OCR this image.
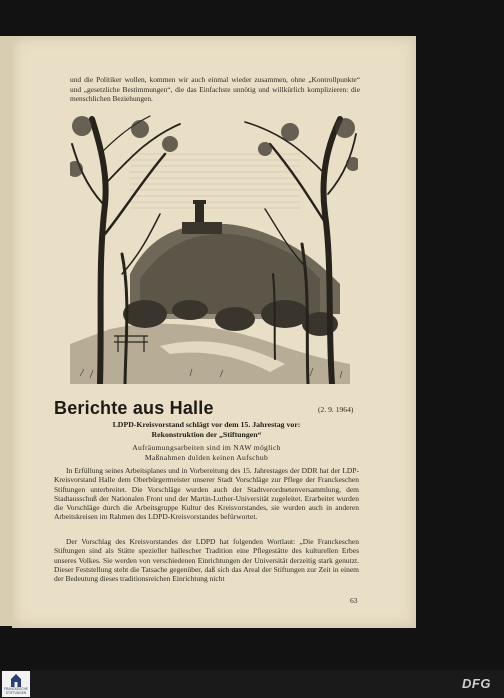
und die Politiker wollen, kommen wir auch einmal wieder zusammen, ohne „Kontrollpunkte“ und „gesetzliche Bestimmungen“, die das Einfachste unnötig und willkürlich komplizieren: die menschlichen Beziehungen.
Berichte aus Halle	(2. 9. 1964)
LDPD-Kreisvorstand schlägt vor dem 15. Jahrestag vor:
Rekonstruktion der „Stiftungen“
Aufräumungsarbeiten sind im NAW möglich
Maßnahmen dulden keinen Aufschub
In Erfüllung seines Arbeitsplanes und in Vorbereitung des 15. Jahrestages der DDR hat der LDP-Kreisvorstand Halle dem Oberbürgermeister unserer Stadt Vorschläge zur Pflege der Franckeschen Stiftungen unterbreitet. Die Vorschläge wurden auch der Stadtverordnetenversammlung, dem Stadtausschuß der Nationalen Front und der Martin-Luther-Universität zugeleitet. Erarbeitet wurden die Vorschläge durch die Arbeitsgruppe Kultur des Kreisvorstandes, sie wurden auch in anderen Arbeitskreisen im Rahmen des LDPD-Kreisvorstandes befürwortet.
Der Vorschlag des Kreisvorstandes der LDPD hat folgenden Wortlaut: „Die Franckeschen Stiftungen sind als Stätte spezieller hallescher Tradition eine Pflegestätte des kulturellen Erbes unseres Volkes. Sie werden von verschiedenen Einrichtungen der Universität derzeitig stark genutzt. Dieser Feststellung steht die Tatsache gegenüber, daß sich das Areal der Stiftungen zur Zeit in einem der Bedeutung dieses traditionsreichen Einrichtung nicht
63
FRANCKESCHE STIFTUNGEN
DFG
